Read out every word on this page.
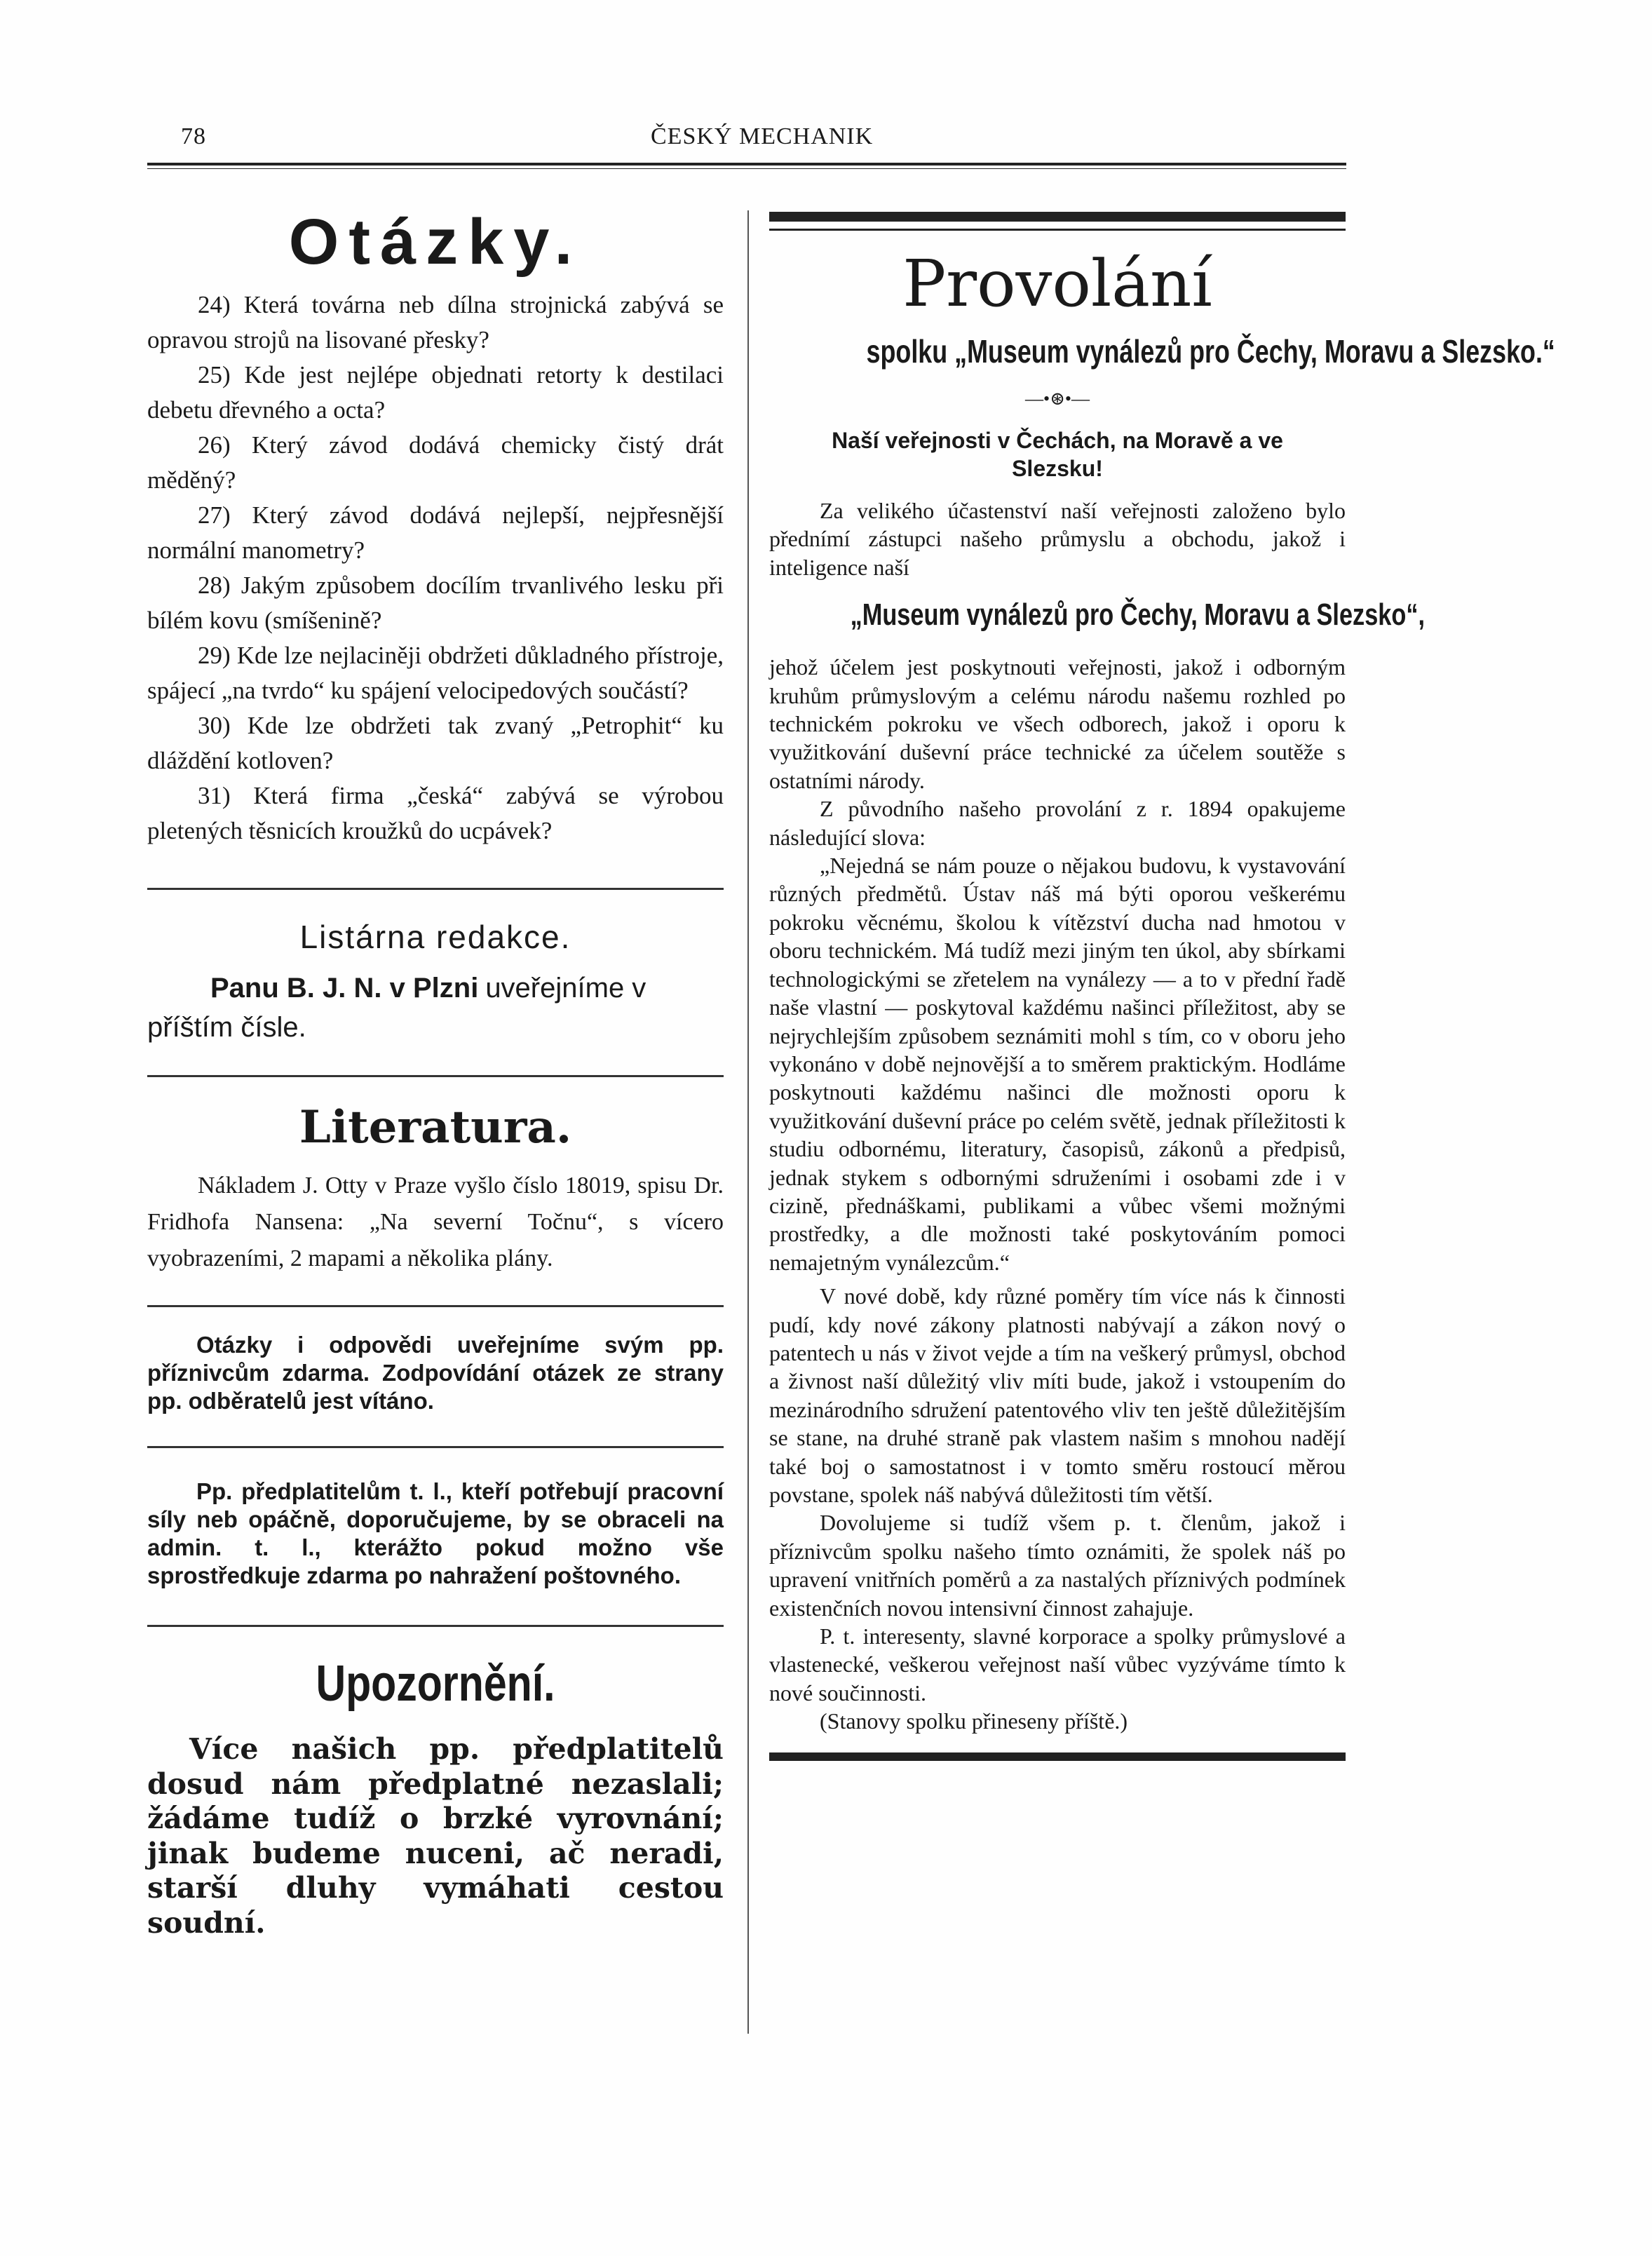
78	ČESKÝ MECHANIK
Otázky.

24) Která továrna neb dílna strojnická zabývá se opravou strojů na lisované přesky?

25) Kde jest nejlépe objednati retorty k destilaci debetu dřevného a octa?

26) Který závod dodává chemicky čistý drát měděný?

27) Který závod dodává nejlepší, nejpřesnější normální manometry?

28) Jakým způsobem docílím trvanlivého lesku při bílém kovu (smíšenině?

29) Kde lze nejlaciněji obdržeti důkladného přístroje, spájecí „na tvrdo“ ku spájení velocipedových součástí?

30) Kde lze obdržeti tak zvaný „Petrophit“ ku dláždění kotloven?

31) Která firma „česká“ zabývá se výrobou pletených těsnicích kroužků do ucpávek?

Listárna redakce.

Panu B. J. N. v Plzni uveřejníme v příštím čísle.

Literatura.

Nákladem J. Otty v Praze vyšlo číslo 18019, spisu Dr. Fridhofa Nansena: „Na severní Točnu“, s vícero vyobrazeními, 2 mapami a několika plány.

Otázky i odpovědi uveřejníme svým pp. příznivcům zdarma. Zodpovídání otázek ze strany pp. odběratelů jest vítáno.

Pp. předplatitelům t. l., kteří potřebují pracovní síly neb opáčně, doporučujeme, by se obraceli na admin. t. l., kterážto pokud možno vše sprostředkuje zdarma po nahražení poštovného.

Upozornění.

Více našich pp. předplatitelů dosud nám předplatné nezaslali; žádáme tudíž o brzké vyrovnání; jinak budeme nuceni, ač neradi, starší dluhy vymáhati cestou soudní.

Provolání
spolku „Museum vynálezů pro Čechy, Moravu a Slezsko.“
—•⊛•—

Naší veřejnosti v Čechách, na Moravě a ve Slezsku!

Za velikého účastenství naší veřejnosti založeno bylo přednímí zástupci našeho průmyslu a obchodu, jakož i inteligence naší

„Museum vynálezů pro Čechy, Moravu a Slezsko“,

jehož účelem jest poskytnouti veřejnosti, jakož i odborným kruhům průmyslovým a celému národu našemu rozhled po technickém pokroku ve všech odborech, jakož i oporu k využitkování duševní práce technické za účelem soutěže s ostatními národy.

Z původního našeho provolání z r. 1894 opakujeme následující slova:

„Nejedná se nám pouze o nějakou budovu, k vystavování různých předmětů. Ústav náš má býti oporou veškerému pokroku věcnému, školou k vítězství ducha nad hmotou v oboru technickém. Má tudíž mezi jiným ten úkol, aby sbírkami technologickými se zřetelem na vynálezy — a to v přední řadě naše vlastní — poskytoval každému našinci příležitost, aby se nejrychlejším způsobem seznámiti mohl s tím, co v oboru jeho vykonáno v době nejnovější a to směrem praktickým. Hodláme poskytnouti každému našinci dle možnosti oporu k využitkování duševní práce po celém světě, jednak příležitosti k studiu odbornému, literatury, časopisů, zákonů a předpisů, jednak stykem s odbornými sdruženími i osobami zde i v cizině, přednáškami, publikami a vůbec všemi možnými prostředky, a dle možnosti také poskytováním pomoci nemajetným vynálezcům.“

V nové době, kdy různé poměry tím více nás k činnosti pudí, kdy nové zákony platnosti nabývají a zákon nový o patentech u nás v život vejde a tím na veškerý průmysl, obchod a živnost naší důležitý vliv míti bude, jakož i vstoupením do mezinárodního sdružení patentového vliv ten ještě důležitějším se stane, na druhé straně pak vlastem našim s mnohou nadějí také boj o samostatnost i v tomto směru rostoucí měrou povstane, spolek náš nabývá důležitosti tím větší.

Dovolujeme si tudíž všem p. t. členům, jakož i příznivcům spolku našeho tímto oznámiti, že spolek náš po upravení vnitřních poměrů a za nastalých příznivých podmínek existenčních novou intensivní činnost zahajuje.

P. t. interesenty, slavné korporace a spolky průmyslové a vlastenecké, veškerou veřejnost naší vůbec vyzýváme tímto k nové součinnosti.

(Stanovy spolku přineseny příště.)
